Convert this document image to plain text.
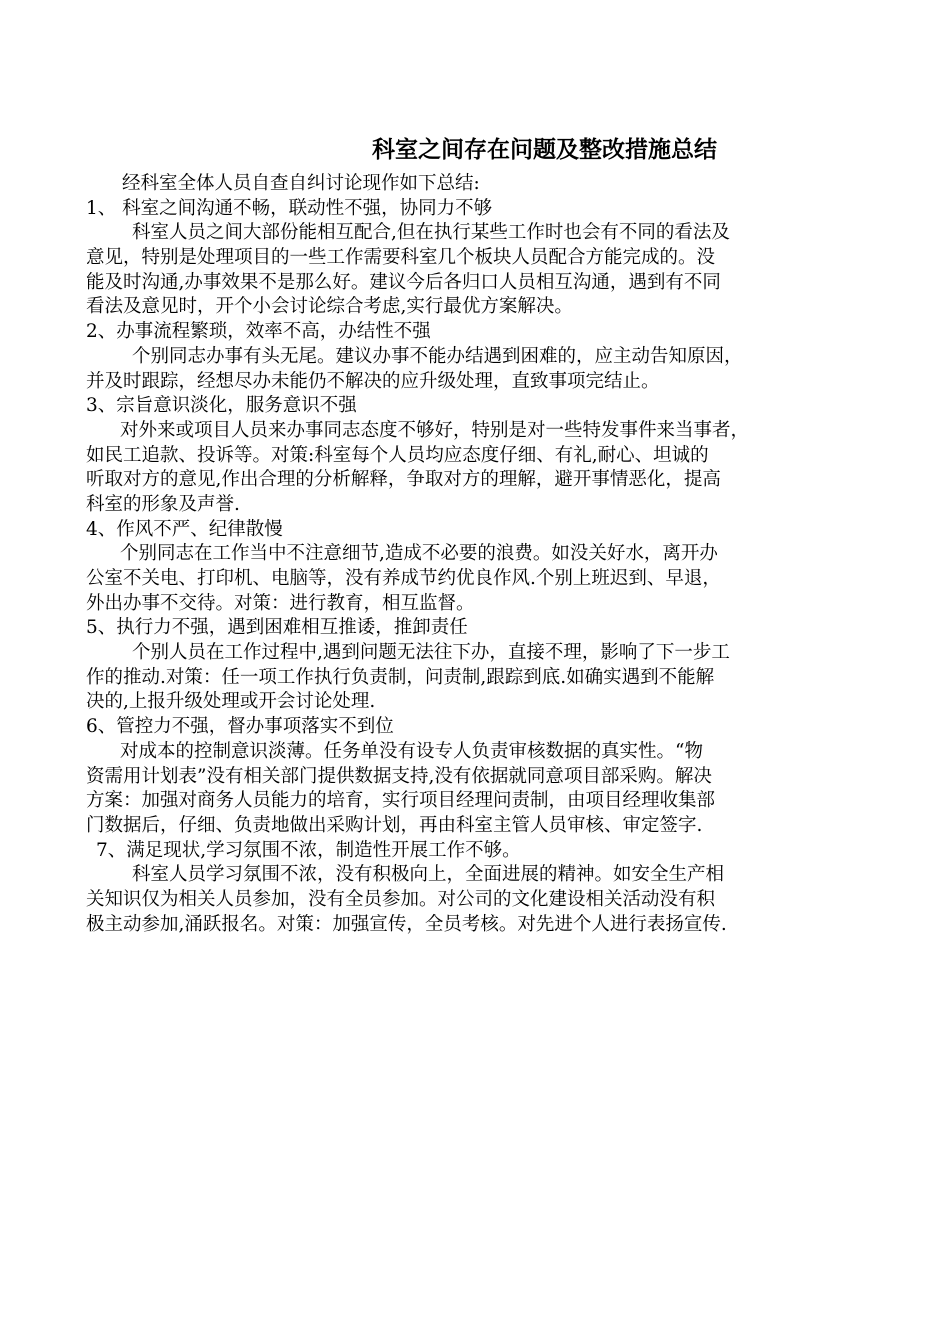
科室之间存在问题及整改措施总结
经科室全体人员自查自纠讨论现作如下总结:
1、 科室之间沟通不畅，联动性不强，协同力不够
科室人员之间大部份能相互配合,但在执行某些工作时也会有不同的看法及
意见，特别是处理项目的一些工作需要科室几个板块人员配合方能完成的。没
能及时沟通,办事效果不是那么好。建议今后各归口人员相互沟通，遇到有不同
看法及意见时，开个小会讨论综合考虑,实行最优方案解决。
2、办事流程繁琐，效率不高，办结性不强
个别同志办事有头无尾。建议办事不能办结遇到困难的，应主动告知原因，
并及时跟踪，经想尽办未能仍不解决的应升级处理，直致事项完结止。
3、宗旨意识淡化，服务意识不强
对外来或项目人员来办事同志态度不够好，特别是对一些特发事件来当事者，
如民工追款、投诉等。对策:科室每个人员均应态度仔细、有礼,耐心、坦诚的
听取对方的意见,作出合理的分析解释，争取对方的理解，避开事情恶化，提高
科室的形象及声誉.
4、作风不严、纪律散慢
个别同志在工作当中不注意细节,造成不必要的浪费。如没关好水，离开办
公室不关电、打印机、电脑等，没有养成节约优良作风.个别上班迟到、早退，
外出办事不交待。对策：进行教育，相互监督。
5、执行力不强，遇到困难相互推诿，推卸责任
个别人员在工作过程中,遇到问题无法往下办，直接不理，影响了下一步工
作的推动.对策：任一项工作执行负责制，问责制,跟踪到底.如确实遇到不能解
决的,上报升级处理或开会讨论处理.
6、管控力不强，督办事项落实不到位
对成本的控制意识淡薄。任务单没有设专人负责审核数据的真实性。“物
资需用计划表”没有相关部门提供数据支持,没有依据就同意项目部采购。解决
方案：加强对商务人员能力的培育，实行项目经理问责制，由项目经理收集部
门数据后，仔细、负责地做出采购计划，再由科室主管人员审核、审定签字.
7、满足现状,学习氛围不浓，制造性开展工作不够。
科室人员学习氛围不浓，没有积极向上，全面进展的精神。如安全生产相
关知识仅为相关人员参加，没有全员参加。对公司的文化建设相关活动没有积
极主动参加,涌跃报名。对策：加强宣传，全员考核。对先进个人进行表扬宣传.
